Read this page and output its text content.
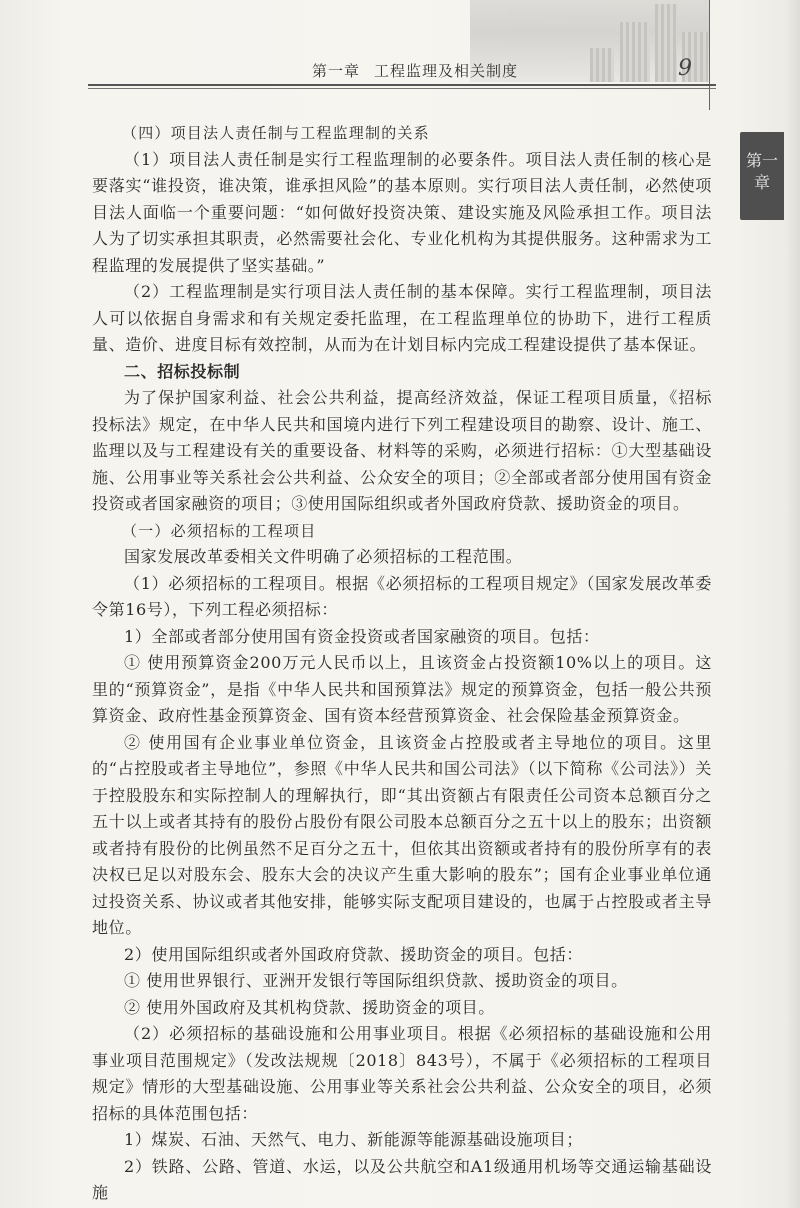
第一章 工程监理及相关制度	9
第一
章

（四）项目法人责任制与工程监理制的关系

（1）项目法人责任制是实行工程监理制的必要条件。项目法人责任制的核心是要落实“谁投资，谁决策，谁承担风险”的基本原则。实行项目法人责任制，必然使项目法人面临一个重要问题：“如何做好投资决策、建设实施及风险承担工作。项目法人为了切实承担其职责，必然需要社会化、专业化机构为其提供服务。这种需求为工程监理的发展提供了坚实基础。”

（2）工程监理制是实行项目法人责任制的基本保障。实行工程监理制，项目法人可以依据自身需求和有关规定委托监理，在工程监理单位的协助下，进行工程质量、造价、进度目标有效控制，从而为在计划目标内完成工程建设提供了基本保证。

二、招标投标制

为了保护国家利益、社会公共利益，提高经济效益，保证工程项目质量，《招标投标法》规定，在中华人民共和国境内进行下列工程建设项目的勘察、设计、施工、监理以及与工程建设有关的重要设备、材料等的采购，必须进行招标：①大型基础设施、公用事业等关系社会公共利益、公众安全的项目；②全部或者部分使用国有资金投资或者国家融资的项目；③使用国际组织或者外国政府贷款、援助资金的项目。

（一）必须招标的工程项目

国家发展改革委相关文件明确了必须招标的工程范围。

（1）必须招标的工程项目。根据《必须招标的工程项目规定》（国家发展改革委令第16号），下列工程必须招标：

1）全部或者部分使用国有资金投资或者国家融资的项目。包括：

① 使用预算资金200万元人民币以上，且该资金占投资额10%以上的项目。这里的“预算资金”，是指《中华人民共和国预算法》规定的预算资金，包括一般公共预算资金、政府性基金预算资金、国有资本经营预算资金、社会保险基金预算资金。

② 使用国有企业事业单位资金，且该资金占控股或者主导地位的项目。这里的“占控股或者主导地位”，参照《中华人民共和国公司法》（以下简称《公司法》）关于控股股东和实际控制人的理解执行，即“其出资额占有限责任公司资本总额百分之五十以上或者其持有的股份占股份有限公司股本总额百分之五十以上的股东；出资额或者持有股份的比例虽然不足百分之五十，但依其出资额或者持有的股份所享有的表决权已足以对股东会、股东大会的决议产生重大影响的股东”；国有企业事业单位通过投资关系、协议或者其他安排，能够实际支配项目建设的，也属于占控股或者主导地位。

2）使用国际组织或者外国政府贷款、援助资金的项目。包括：

① 使用世界银行、亚洲开发银行等国际组织贷款、援助资金的项目。

② 使用外国政府及其机构贷款、援助资金的项目。

（2）必须招标的基础设施和公用事业项目。根据《必须招标的基础设施和公用事业项目范围规定》（发改法规规〔2018〕843号），不属于《必须招标的工程项目规定》情形的大型基础设施、公用事业等关系社会公共利益、公众安全的项目，必须招标的具体范围包括：

1）煤炭、石油、天然气、电力、新能源等能源基础设施项目；

2）铁路、公路、管道、水运，以及公共航空和A1级通用机场等交通运输基础设施
